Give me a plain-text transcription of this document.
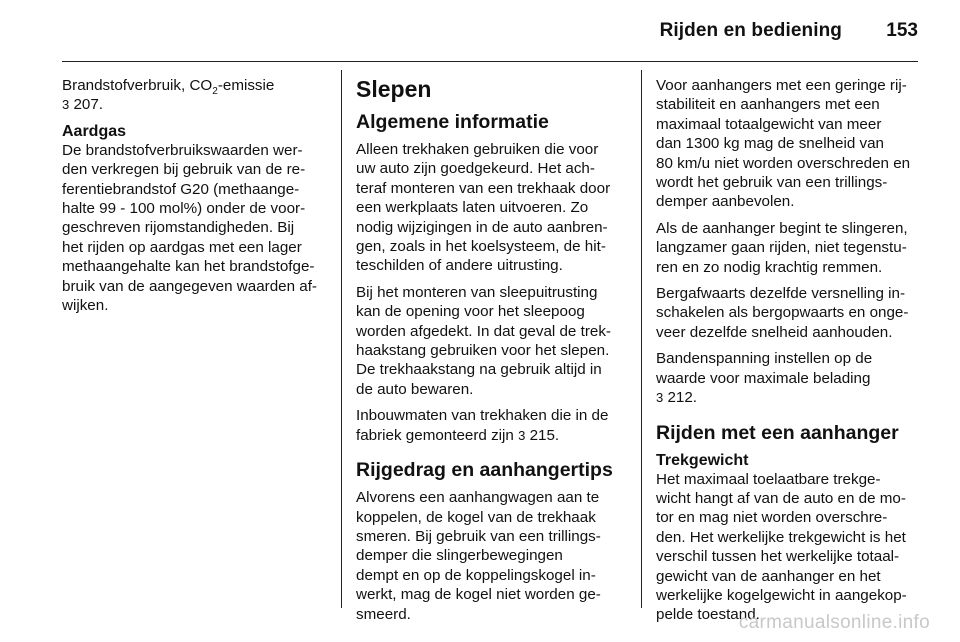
Rijden en bediening 153

Brandstofverbruik, $CO_2$-emissie
3 207.

Aardgas

De brandstofverbruikswaarden wer-
den verkregen bij gebruik van de re-
ferentiebrandstof G20 (methaange-
halte 99 - 100 mol%) onder de voor-
geschreven rijomstandigheden. Bij
het rijden op aardgas met een lager
methaangehalte kan het brandstofge-
bruik van de aangegeven waarden af-
wijken.

Slepen
Algemene informatie

Alleen trekhaken gebruiken die voor
uw auto zijn goedgekeurd. Het ach-
teraf monteren van een trekhaak door
een werkplaats laten uitvoeren. Zo
nodig wijzigingen in de auto aanbren-
gen, zoals in het koelsysteem, de hit-
teschilden of andere uitrusting.

Bij het monteren van sleepuitrusting
kan de opening voor het sleepoog
worden afgedekt. In dat geval de trek-
haakstang gebruiken voor het slepen.
De trekhaakstang na gebruik altijd in
de auto bewaren.

Inbouwmaten van trekhaken die in de
fabriek gemonteerd zijn 3 215.

Rijgedrag en aanhangertips

Alvorens een aanhangwagen aan te
koppelen, de kogel van de trekhaak
smeren. Bij gebruik van een trillings-
demper die slingerbewegingen
dempt en op de koppelingskogel in-
werkt, mag de kogel niet worden ge-
smeerd.

Voor aanhangers met een geringe rij-
stabiliteit en aanhangers met een
maximaal totaalgewicht van meer
dan 1300 kg mag de snelheid van
80 km/u niet worden overschreden en
wordt het gebruik van een trillings-
demper aanbevolen.

Als de aanhanger begint te slingeren,
langzamer gaan rijden, niet tegenstu-
ren en zo nodig krachtig remmen.

Bergafwaarts dezelfde versnelling in-
schakelen als bergopwaarts en onge-
veer dezelfde snelheid aanhouden.

Bandenspanning instellen op de
waarde voor maximale belading
3 212.

Rijden met een aanhanger
Trekgewicht

Het maximaal toelaatbare trekge-
wicht hangt af van de auto en de mo-
tor en mag niet worden overschre-
den. Het werkelijke trekgewicht is het
verschil tussen het werkelijke totaal-
gewicht van de aanhanger en het
werkelijke kogelgewicht in aangekop-
pelde toestand.

carmanualsonline.info
